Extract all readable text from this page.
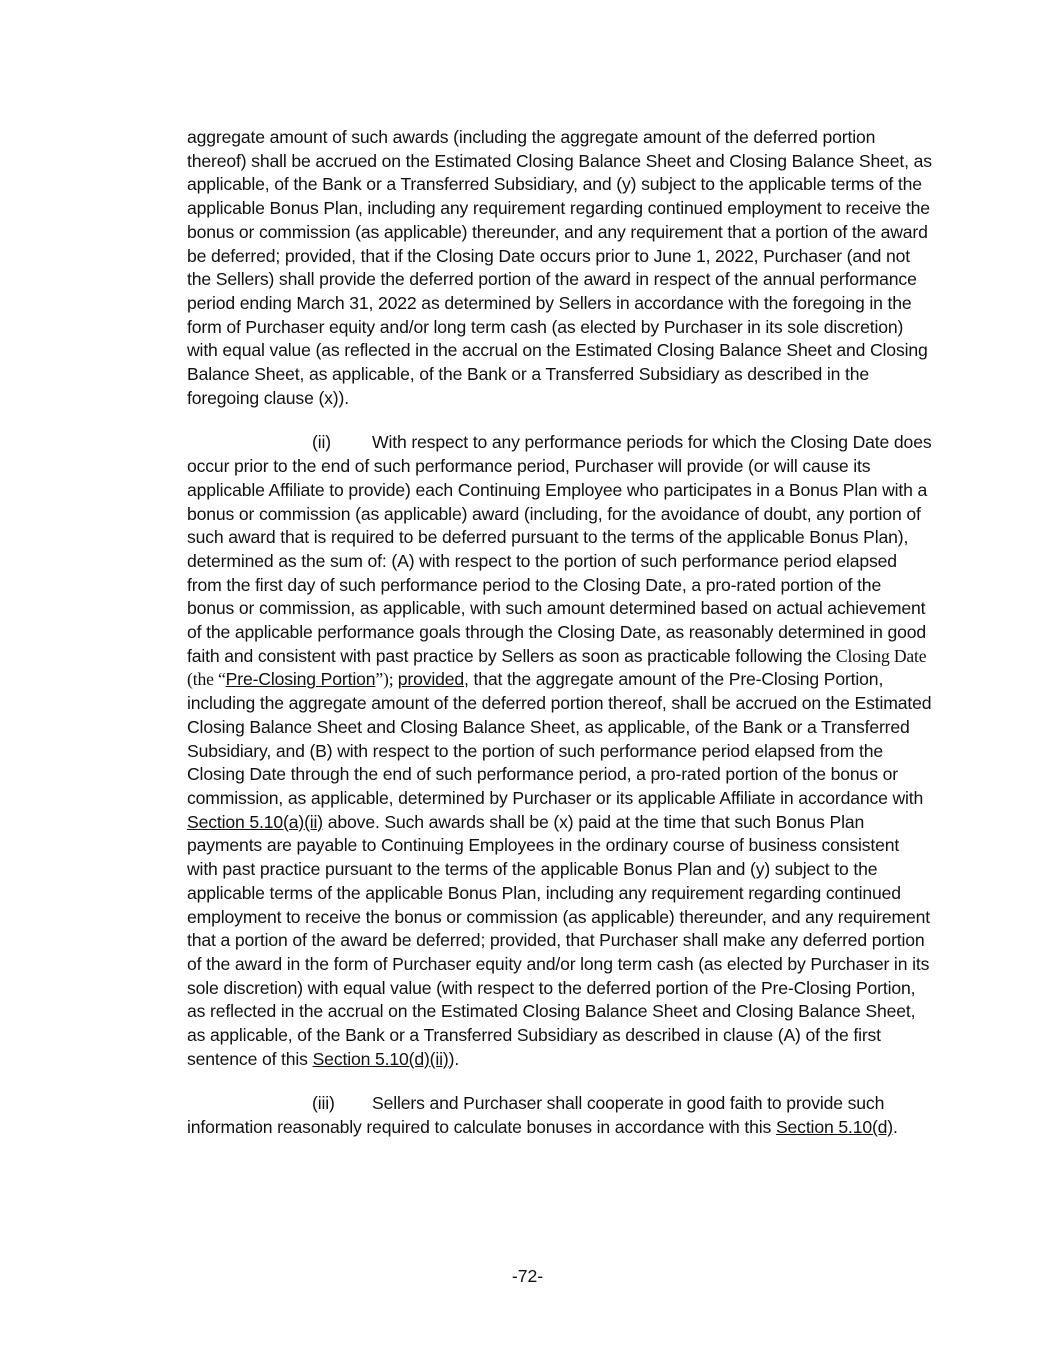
aggregate amount of such awards (including the aggregate amount of the deferred portion thereof) shall be accrued on the Estimated Closing Balance Sheet and Closing Balance Sheet, as applicable, of the Bank or a Transferred Subsidiary, and (y) subject to the applicable terms of the applicable Bonus Plan, including any requirement regarding continued employment to receive the bonus or commission (as applicable) thereunder, and any requirement that a portion of the award be deferred; provided, that if the Closing Date occurs prior to June 1, 2022, Purchaser (and not the Sellers) shall provide the deferred portion of the award in respect of the annual performance period ending March 31, 2022 as determined by Sellers in accordance with the foregoing in the form of Purchaser equity and/or long term cash (as elected by Purchaser in its sole discretion) with equal value (as reflected in the accrual on the Estimated Closing Balance Sheet and Closing Balance Sheet, as applicable, of the Bank or a Transferred Subsidiary as described in the foregoing clause (x)).

(ii) With respect to any performance periods for which the Closing Date does occur prior to the end of such performance period, Purchaser will provide (or will cause its applicable Affiliate to provide) each Continuing Employee who participates in a Bonus Plan with a bonus or commission (as applicable) award (including, for the avoidance of doubt, any portion of such award that is required to be deferred pursuant to the terms of the applicable Bonus Plan), determined as the sum of: (A) with respect to the portion of such performance period elapsed from the first day of such performance period to the Closing Date, a pro-rated portion of the bonus or commission, as applicable, with such amount determined based on actual achievement of the applicable performance goals through the Closing Date, as reasonably determined in good faith and consistent with past practice by Sellers as soon as practicable following the Closing Date (the “Pre-Closing Portion”); provided, that the aggregate amount of the Pre-Closing Portion, including the aggregate amount of the deferred portion thereof, shall be accrued on the Estimated Closing Balance Sheet and Closing Balance Sheet, as applicable, of the Bank or a Transferred Subsidiary, and (B) with respect to the portion of such performance period elapsed from the Closing Date through the end of such performance period, a pro-rated portion of the bonus or commission, as applicable, determined by Purchaser or its applicable Affiliate in accordance with Section 5.10(a)(ii) above. Such awards shall be (x) paid at the time that such Bonus Plan payments are payable to Continuing Employees in the ordinary course of business consistent with past practice pursuant to the terms of the applicable Bonus Plan and (y) subject to the applicable terms of the applicable Bonus Plan, including any requirement regarding continued employment to receive the bonus or commission (as applicable) thereunder, and any requirement that a portion of the award be deferred; provided, that Purchaser shall make any deferred portion of the award in the form of Purchaser equity and/or long term cash (as elected by Purchaser in its sole discretion) with equal value (with respect to the deferred portion of the Pre-Closing Portion, as reflected in the accrual on the Estimated Closing Balance Sheet and Closing Balance Sheet, as applicable, of the Bank or a Transferred Subsidiary as described in clause (A) of the first sentence of this Section 5.10(d)(ii)).

(iii) Sellers and Purchaser shall cooperate in good faith to provide such information reasonably required to calculate bonuses in accordance with this Section 5.10(d).

-72-
